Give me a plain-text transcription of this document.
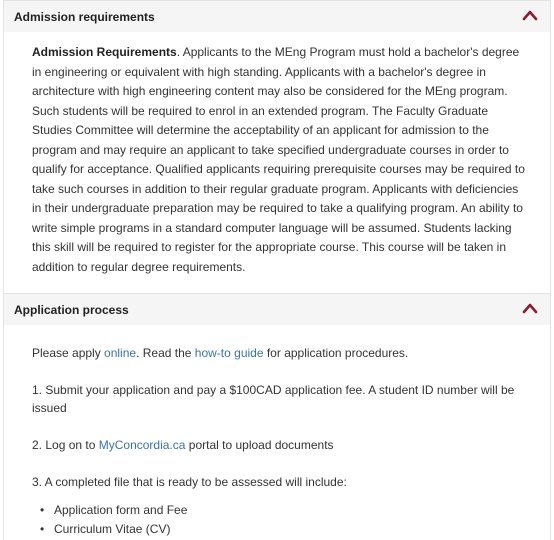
Admission requirements
Admission Requirements. Applicants to the MEng Program must hold a bachelor's degree in engineering or equivalent with high standing. Applicants with a bachelor's degree in architecture with high engineering content may also be considered for the MEng program. Such students will be required to enrol in an extended program. The Faculty Graduate Studies Committee will determine the acceptability of an applicant for admission to the program and may require an applicant to take specified undergraduate courses in order to qualify for acceptance. Qualified applicants requiring prerequisite courses may be required to take such courses in addition to their regular graduate program. Applicants with deficiencies in their undergraduate preparation may be required to take a qualifying program. An ability to write simple programs in a standard computer language will be assumed. Students lacking this skill will be required to register for the appropriate course. This course will be taken in addition to regular degree requirements.
Application process

Please apply online. Read the how-to guide for application procedures.

1. Submit your application and pay a $100CAD application fee. A student ID number will be issued

2. Log on to MyConcordia.ca portal to upload documents

3. A completed file that is ready to be assessed will include:

• Application form and Fee
• Curriculum Vitae (CV)
